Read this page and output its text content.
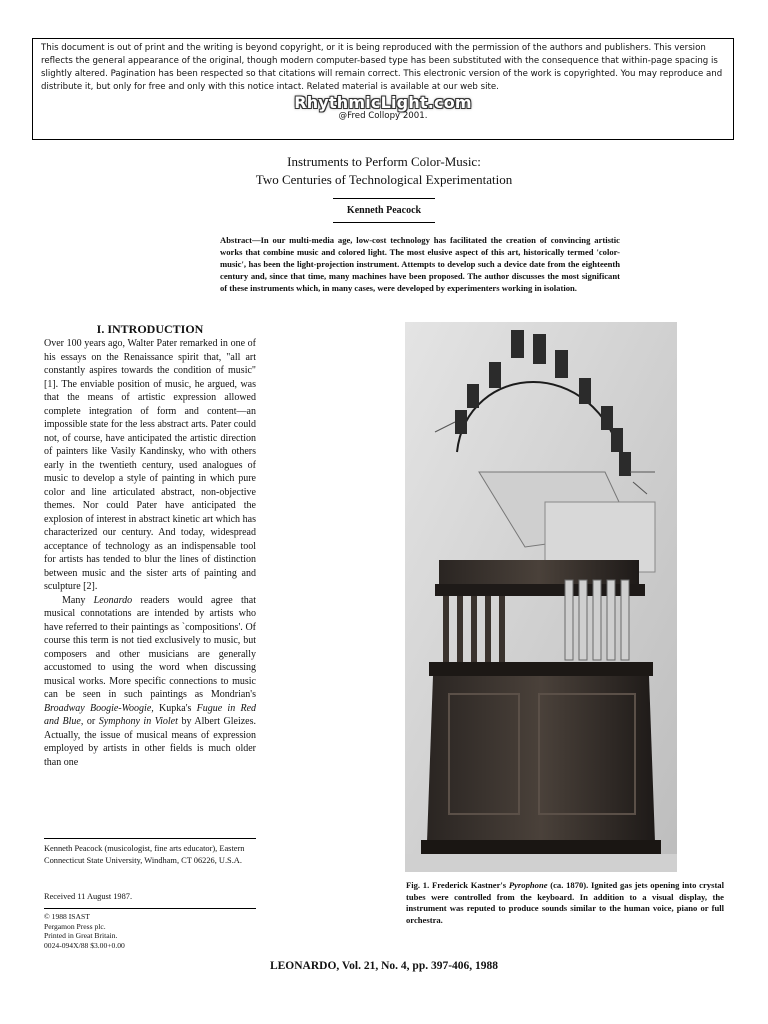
This document is out of print and the writing is beyond copyright, or it is being reproduced with the permission of the authors and publishers. This version reflects the general appearance of the original, though modern computer-based type has been substituted with the consequence that within-page spacing is slightly altered. Pagination has been respected so that citations will remain correct. This electronic version of the work is copyrighted. You may reproduce and distribute it, but only for free and only with this notice intact. Related material is available at our web site.

RhythmicLight.com
@Fred Collopy 2001.
Instruments to Perform Color-Music:
Two Centuries of Technological Experimentation
Kenneth Peacock

Abstract—In our multi-media age, low-cost technology has facilitated the creation of convincing artistic works that combine music and colored light. The most elusive aspect of this art, historically termed 'color-music', has been the light-projection instrument. Attempts to develop such a device date from the eighteenth century and, since that time, many machines have been proposed. The author discusses the most significant of these instruments which, in many cases, were developed by experimenters working in isolation.

I. INTRODUCTION

Over 100 years ago, Walter Pater remarked in one of his essays on the Renaissance spirit that, "all art constantly aspires towards the condition of music" [1]. The enviable position of music, he argued, was that the means of artistic expression allowed complete integration of form and content—an impossible state for the less abstract arts. Pater could not, of course, have anticipated the artistic direction of painters like Vasily Kandinsky, who with others early in the twentieth century, used analogues of music to develop a style of painting in which pure color and line articulated abstract, non-objective themes. Nor could Pater have anticipated the explosion of interest in abstract kinetic art which has characterized our century. And today, widespread acceptance of technology as an indispensable tool for artists has tended to blur the lines of distinction between music and the sister arts of painting and sculpture [2].

Many Leonardo readers would agree that musical connotations are intended by artists who have referred to their paintings as `compositions'. Of course this term is not tied exclusively to music, but composers and other musicians are generally accustomed to using the word when discussing musical works. More specific connections to music can be seen in such paintings as Mondrian's Broadway Boogie-Woogie, Kupka's Fugue in Red and Blue, or Symphony in Violet by Albert Gleizes. Actually, the issue of musical means of expression employed by artists in other fields is much older than one

Kenneth Peacock (musicologist, fine arts educator), Eastern Connecticut State University, Windham, CT 06226, U.S.A.

Received 11 August 1987.

© 1988 ISAST
Pergamon Press plc.
Printed in Great Britain.
0024-094X/88 $3.00+0.00

Fig. 1. Frederick Kastner's Pyrophone (ca. 1870). Ignited gas jets opening into crystal tubes were controlled from the keyboard. In addition to a visual display, the instrument was reputed to produce sounds similar to the human voice, piano or full orchestra.

LEONARDO, Vol. 21, No. 4, pp. 397-406, 1988
